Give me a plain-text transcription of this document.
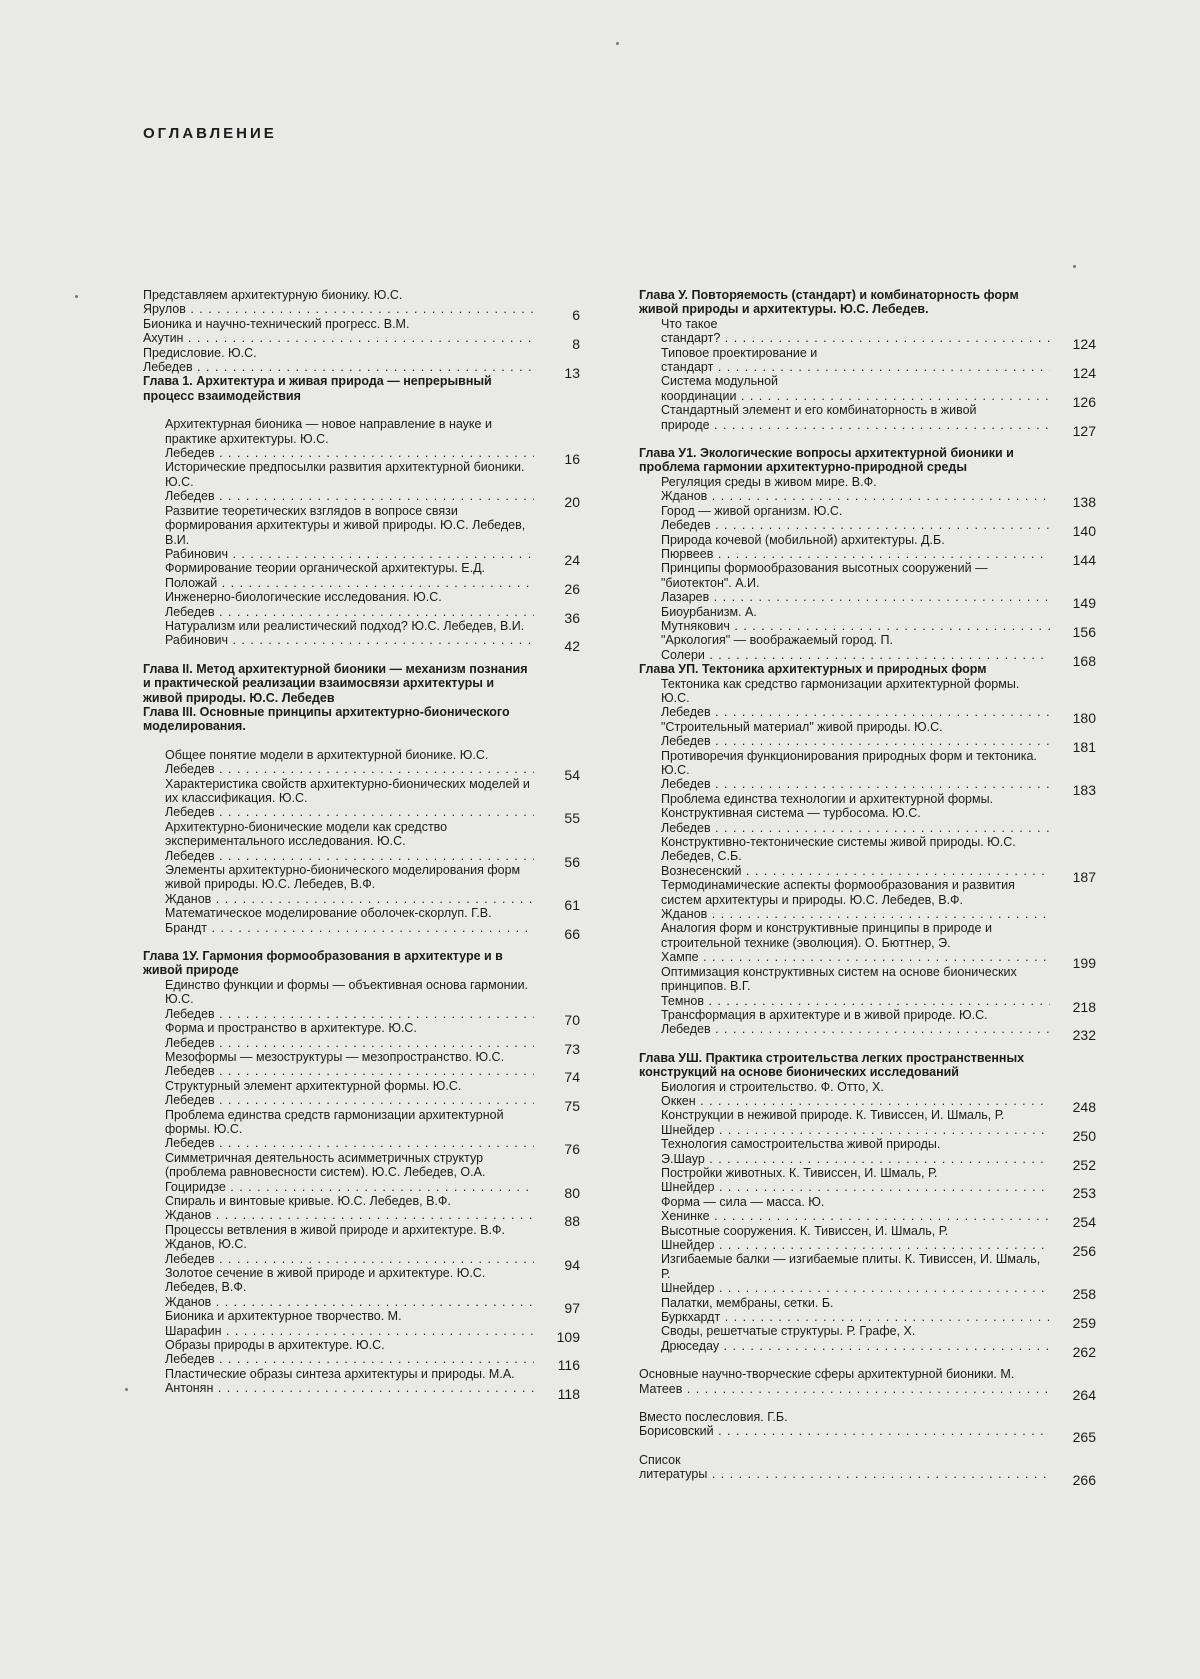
ОГЛАВЛЕНИЕ
Представляем архитектурную бионику. Ю.С. Ярулов . . .	6
Бионика и научно-технический прогресс. В.М. Ахутин . . .	8
Предисловие. Ю.С. Лебедев . . .	13
Глава 1. Архитектура и живая природа — непрерывный процесс взаимодействия
Архитектурная бионика — новое направление в науке и практике архитектуры. Ю.С. Лебедев . . .	16
Исторические предпосылки развития архитектурной бионики. Ю.С. Лебедев . . .	20
Развитие теоретических взглядов в вопросе связи формирования архитектуры и живой природы. Ю.С. Лебедев, В.И. Рабинович . . .	24
Формирование теории органической архитектуры. Е.Д. Положай . . .	26
Инженерно-биологические исследования. Ю.С. Лебедев . . .	36
Натурализм или реалистический подход? Ю.С. Лебедев, В.И. Рабинович . . .	42
Глава II. Метод архитектурной бионики — механизм познания и практической реализации взаимосвязи архитектуры и живой природы. Ю.С. Лебедев
Глава III. Основные принципы архитектурно-бионического моделирования.
Общее понятие модели в архитектурной бионике. Ю.С. Лебедев . . .	54
Характеристика свойств архитектурно-бионических моделей и их классификация. Ю.С. Лебедев . . .	55
Архитектурно-бионические модели как средство экспериментального исследования. Ю.С. Лебедев . . .	56
Элементы архитектурно-бионического моделирования форм живой природы. Ю.С. Лебедев, В.Ф. Жданов . . .	61
Математическое моделирование оболочек-скорлуп. Г.В. Брандт . . .	66
Глава 1У. Гармония формообразования в архитектуре и в живой природе
Единство функции и формы — объективная основа гармонии. Ю.С. Лебедев . . .	70
Форма и пространство в архитектуре. Ю.С. Лебедев . . .	73
Мезоформы — мезоструктуры — мезопространство. Ю.С. Лебедев . . .	74
Структурный элемент архитектурной формы. Ю.С. Лебедев . . .	75
Проблема единства средств гармонизации архитектурной формы. Ю.С. Лебедев . . .	76
Симметричная деятельность асимметричных структур (проблема равновесности систем). Ю.С. Лебедев, О.А. Гоциридзе . . .	80
Спираль и винтовые кривые. Ю.С. Лебедев, В.Ф. Жданов . . .	88
Процессы ветвления в живой природе и архитектуре. В.Ф. Жданов, Ю.С. Лебедев . . .	94
Золотое сечение в живой природе и архитектуре. Ю.С. Лебедев, В.Ф. Жданов . . .	97
Бионика и архитектурное творчество. М. Шарафин . . .	109
Образы природы в архитектуре. Ю.С. Лебедев . . .	116
Пластические образы синтеза архитектуры и природы. М.А. Антонян . . .	118
Глава У. Повторяемость (стандарт) и комбинаторность форм живой природы и архитектуры. Ю.С. Лебедев.
Что такое стандарт? . . .	124
Типовое проектирование и стандарт . . .	124
Система модульной координации . . .	126
Стандартный элемент и его комбинаторность в живой природе . . .	127
Глава У1. Экологические вопросы архитектурной бионики и проблема гармонии архитектурно-природной среды
Регуляция среды в живом мире. В.Ф. Жданов . . .	138
Город — живой организм. Ю.С. Лебедев . . .	140
Природа кочевой (мобильной) архитектуры. Д.Б. Пюрвеев . . .	144
Принципы формообразования высотных сооружений — "биотектон". А.И. Лазарев . . .	149
Биоурбанизм. А. Мутнякович . . .	156
"Аркология" — воображаемый город. П. Солери . . .	168
Глава УП. Тектоника архитектурных и природных форм
Тектоника как средство гармонизации архитектурной формы. Ю.С. Лебедев . . .	180
"Строительный материал" живой природы. Ю.С. Лебедев . . .	181
Противоречия функционирования природных форм и тектоника. Ю.С. Лебедев . . .	183
Проблема единства технологии и архитектурной формы. Конструктивная система — турбосома. Ю.С. Лебедев . . .
Конструктивно-тектонические системы живой природы. Ю.С. Лебедев, С.Б. Вознесенский . . .	187
Термодинамические аспекты формообразования и развития систем архитектуры и природы. Ю.С. Лебедев, В.Ф. Жданов . . .
Аналогия форм и конструктивные принципы в природе и строительной технике (эволюция). О. Бюттнер, Э. Хампе . . .	199
Оптимизация конструктивных систем на основе бионических принципов. В.Г. Темнов . . .	218
Трансформация в архитектуре и в живой природе. Ю.С. Лебедев . . .	232
Глава УШ. Практика строительства легких пространственных конструкций на основе бионических исследований
Биология и строительство. Ф. Отто, Х. Оккен . . .	248
Конструкции в неживой природе. К. Тивиссен, И. Шмаль, Р. Шнейдер . . .	250
Технология самостроительства живой природы. Э.Шаур . . .	252
Постройки животных. К. Тивиссен, И. Шмаль, Р. Шнейдер . . .	253
Форма — сила — масса. Ю. Хенинке . . .	254
Высотные сооружения. К. Тивиссен, И. Шмаль, Р. Шнейдер . . .	256
Изгибаемые балки — изгибаемые плиты. К. Тивиссен, И. Шмаль, Р. Шнейдер . . .	258
Палатки, мембраны, сетки. Б. Буркхардт . . .	259
Своды, решетчатые структуры. Р. Графе, Х. Дрюседау . . .	262
Основные научно-творческие сферы архитектурной бионики. М. Матеев . . .	264
Вместо послесловия. Г.Б. Борисовский . . .	265
Список литературы . . .	266
